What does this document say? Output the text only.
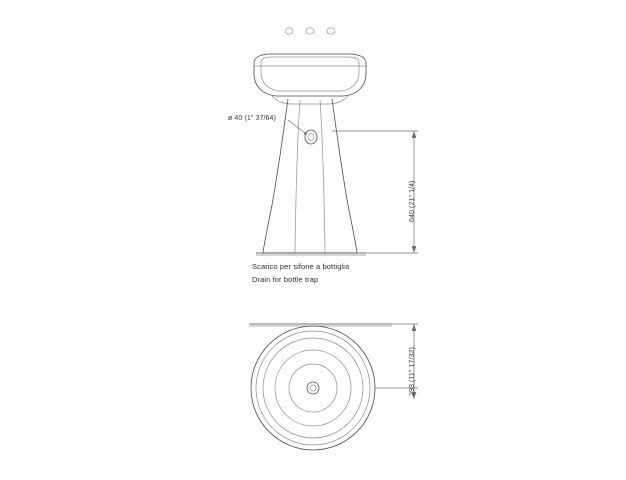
ø 40 (1" 37/64)
640 (21" 1/4)
293 (11" 17/32)
Scarico per sifone a bottiglia
Drain for bottle trap
